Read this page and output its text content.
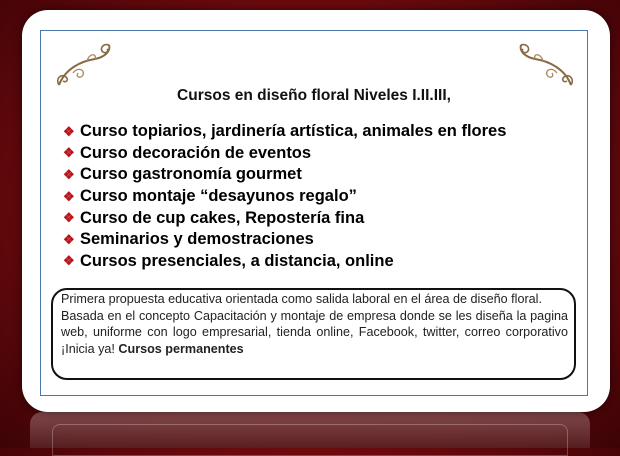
Cursos en diseño floral Niveles I.II.III,
❖ Curso topiarios, jardinería artística, animales en flores
❖ Curso decoración de eventos
❖ Curso gastronomía gourmet
❖ Curso montaje “desayunos regalo”
❖ Curso de cup cakes, Repostería fina
❖ Seminarios y demostraciones
❖ Cursos presenciales, a distancia, online

Primera propuesta educativa orientada como salida laboral en el área de diseño floral.

Basada en el concepto Capacitación y montaje de empresa donde se les diseña la pagina web, uniforme con logo empresarial, tienda online, Facebook, twitter, correo corporativo ¡Inicia ya! Cursos permanentes
